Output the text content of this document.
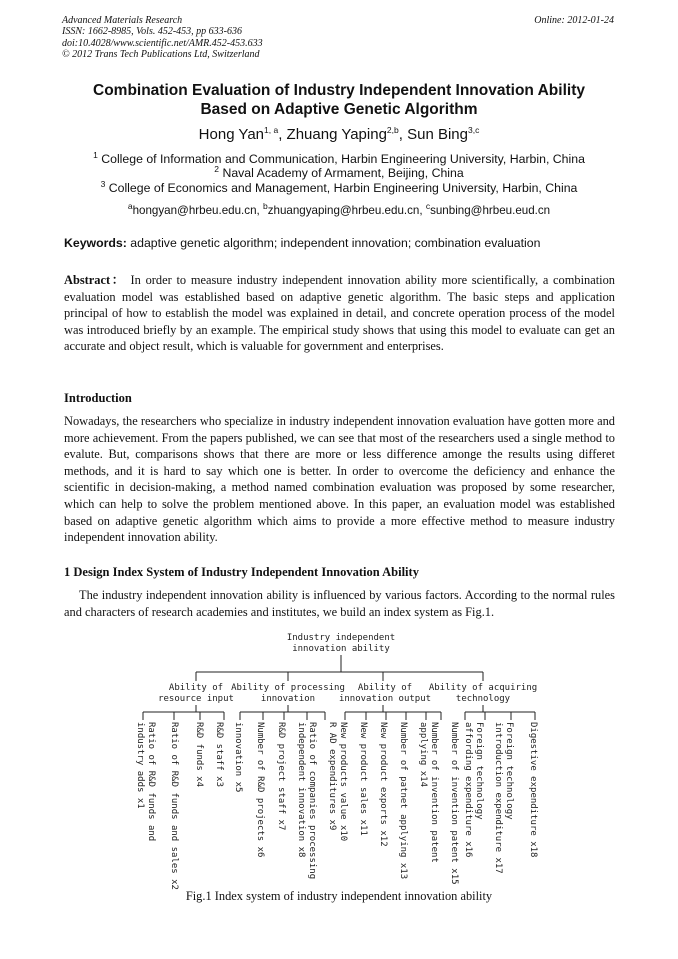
Advanced Materials Research
ISSN: 1662-8985, Vols. 452-453, pp 633-636
doi:10.4028/www.scientific.net/AMR.452-453.633
© 2012 Trans Tech Publications Ltd, Switzerland
Online: 2012-01-24
Combination Evaluation of Industry Independent Innovation Ability
Based on Adaptive Genetic Algorithm
Hong Yan$^{1, a}$, Zhuang Yaping$^{2,b}$, Sun Bing$^{3,c}$
$^1$ College of Information and Communication, Harbin Engineering University, Harbin, China
$^2$ Naval Academy of Armament, Beijing, China
$^3$ College of Economics and Management, Harbin Engineering University, Harbin, China
$^a$hongyan@hrbeu.edu.cn, $^b$zhuangyaping@hrbeu.edu.cn, $^c$sunbing@hrbeu.eud.cn
Keywords: adaptive genetic algorithm; independent innovation; combination evaluation
Abstract： In order to measure industry independent innovation ability more scientifically, a combination evaluation model was established based on adaptive genetic algorithm. The basic steps and application principal of how to establish the model was explained in detail, and concrete operation process of the model was introduced briefly by an example. The empirical study shows that using this model to evaluate can get an accurate and object result, which is valuable for government and enterprises.
Introduction
Nowadays, the researchers who specialize in industry independent innovation evaluation have gotten more and more achievement. From the papers published, we can see that most of the researchers used a single method to evalute. But, comparisons shows that there are more or less difference amonge the results using differet methods, and it is hard to say which one is better. In order to overcome the deficiency and enhance the scientific in decision-making, a method named combination evaluation was proposed by some researcher, which can help to solve the problem mentioned above. In this paper, an evaluation model was established based on adaptive genetic algorithm which aims to provide a more effective method to measure industry independent innovation ability.
1 Design Index System of Industry Independent Innovation Ability
The industry independent innovation ability is influenced by various factors. According to the normal rules and characters of research academies and institutes, we build an index system as Fig.1.
Industry independent
innovation ability
Ability of
resource input
Ability of processing
innovation
Ability of
innovation output
Ability of acquiring
technology
Ratio of R&D funds and
industry adds x1	Ratio of R&D funds and sales x2	R&D staff x3
R&D funds x4	innovation x5 Number of R&D projects x6 R&D project staff x7 Ratio of companies processing
independent innovation x8 R AD expenditures x9 New products value x10 New product sales x11 New product exports x12 Number of patnet applying x13 Number of invention patent
applying x14 Number of invention patent x15 Foreign technology
affording expenditure x16	Foreign technology
introduction expenditure x17	Digestive expenditure x18
Fig.1 Index system of industry independent innovation ability
